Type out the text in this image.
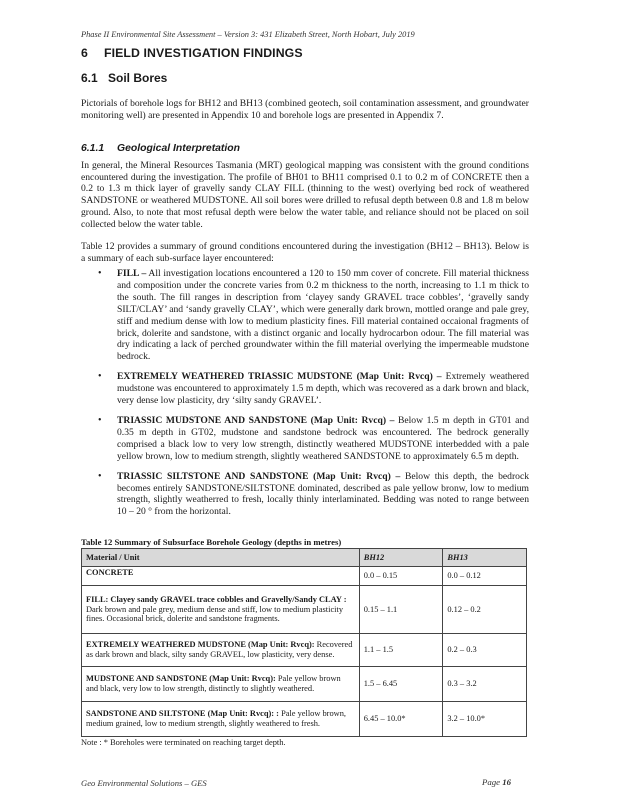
Phase II Environmental Site Assessment – Version 3: 431 Elizabeth Street, North Hobart, July 2019
6 FIELD INVESTIGATION FINDINGS
6.1 Soil Bores

Pictorials of borehole logs for BH12 and BH13 (combined geotech, soil contamination assessment, and groundwater monitoring well) are presented in Appendix 10 and borehole logs are presented in Appendix 7.

6.1.1 Geological Interpretation

In general, the Mineral Resources Tasmania (MRT) geological mapping was consistent with the ground conditions encountered during the investigation. The profile of BH01 to BH11 comprised 0.1 to 0.2 m of CONCRETE then a 0.2 to 1.3 m thick layer of gravelly sandy CLAY FILL (thinning to the west) overlying bed rock of weathered SANDSTONE or weathered MUDSTONE. All soil bores were drilled to refusal depth between 0.8 and 1.8 m below ground. Also, to note that most refusal depth were below the water table, and reliance should not be placed on soil collected below the water table.

Table 12 provides a summary of ground conditions encountered during the investigation (BH12 – BH13). Below is a summary of each sub-surface layer encountered:

• FILL – All investigation locations encountered a 120 to 150 mm cover of concrete. Fill material thickness and composition under the concrete varies from 0.2 m thickness to the north, increasing to 1.1 m thick to the south. The fill ranges in description from ‘clayey sandy GRAVEL trace cobbles’, ‘gravelly sandy SILT/CLAY’ and ‘sandy gravelly CLAY’, which were generally dark brown, mottled orange and pale grey, stiff and medium dense with low to medium plasticity fines. Fill material contained occaional fragments of brick, dolerite and sandstone, with a distinct organic and locally hydrocarbon odour. The fill material was dry indicating a lack of perched groundwater within the fill material overlying the impermeable mudstone bedrock.
• EXTREMELY WEATHERED TRIASSIC MUDSTONE (Map Unit: Rvcq) – Extremely weathered mudstone was encountered to approximately 1.5 m depth, which was recovered as a dark brown and black, very dense low plasticity, dry ‘silty sandy GRAVEL’.
• TRIASSIC MUDSTONE AND SANDSTONE (Map Unit: Rvcq) – Below 1.5 m depth in GT01 and 0.35 m depth in GT02, mudstone and sandstone bedrock was encountered. The bedrock generally comprised a black low to very low strength, distinctly weathered MUDSTONE interbedded with a pale yellow brown, low to medium strength, slightly weathered SANDSTONE to approximately 6.5 m depth.
• TRIASSIC SILTSTONE AND SANDSTONE (Map Unit: Rvcq) – Below this depth, the bedrock becomes entirely SANDSTONE/SILTSTONE dominated, described as pale yellow bronw, low to medium strength, slightly weatherred to fresh, locally thinly interlaminated. Bedding was noted to range between 10 – 20 ° from the horizontal.
Table 12 Summary of Subsurface Borehole Geology (depths in metres)
Material / Unit	BH12	BH13
CONCRETE	0.0 – 0.15	0.0 – 0.12
FILL: Clayey sandy GRAVEL trace cobbles and Gravelly/Sandy CLAY : Dark brown and pale grey, medium dense and stiff, low to medium plasticity fines. Occasional brick, dolerite and sandstone fragments.	0.15 – 1.1	0.12 – 0.2
EXTREMELY WEATHERED MUDSTONE (Map Unit: Rvcq): Recovered as dark brown and black, silty sandy GRAVEL, low plasticity, very dense.	1.1 – 1.5	0.2 – 0.3
MUDSTONE AND SANDSTONE (Map Unit: Rvcq): Pale yellow brown and black, very low to low strength, distinctly to slightly weathered.	1.5 – 6.45	0.3 – 3.2
SANDSTONE AND SILTSTONE (Map Unit: Rvcq): : Pale yellow brown, medium grained, low to medium strength, slightly weathered to fresh.	6.45 – 10.0*	3.2 – 10.0*
Note : * Boreholes were terminated on reaching target depth.
Geo Environmental Solutions – GES	Page 16
